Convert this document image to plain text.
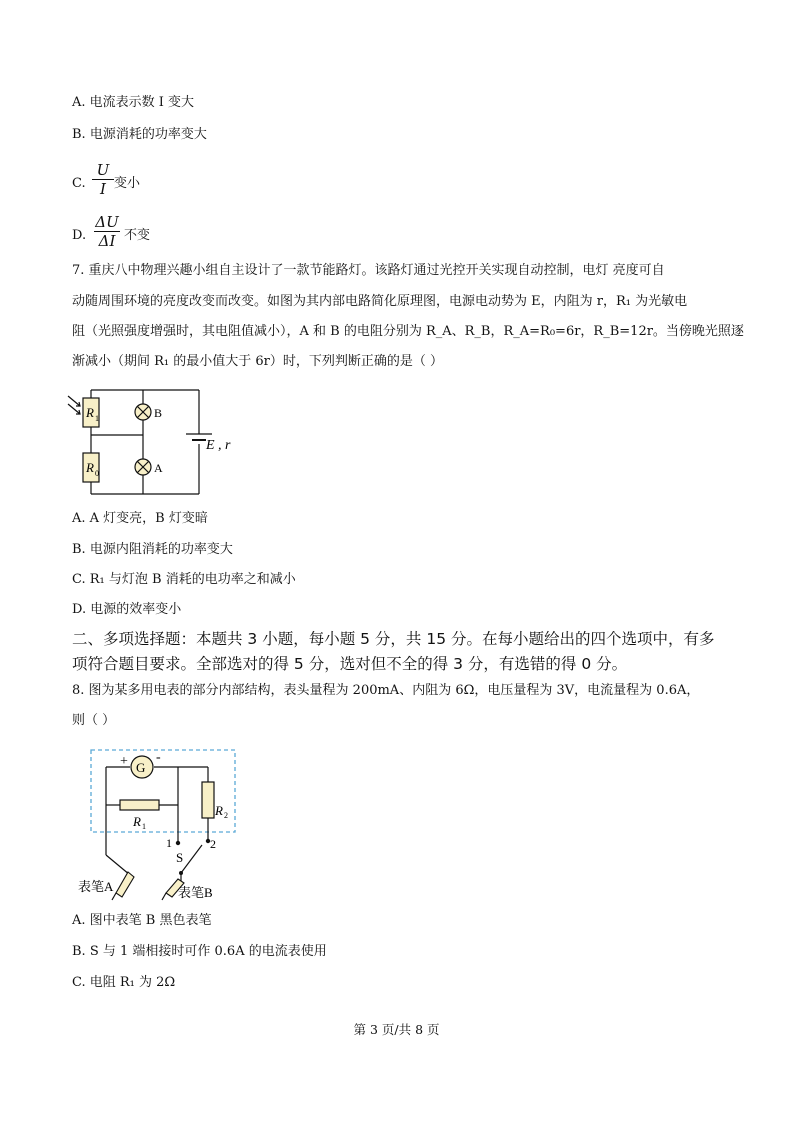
A. 电流表示数 I 变大
B. 电源消耗的功率变大
C.
U
I 变小
D.
ΔU
ΔI 不变
7. 重庆八中物理兴趣小组自主设计了一款节能路灯。该路灯通过光控开关实现自动控制，电灯 亮度可自
动随周围环境的亮度改变而改变。如图为其内部电路简化原理图，电源电动势为 E，内阻为 r，R₁ 为光敏电
阻（光照强度增强时，其电阻值减小），A 和 B 的电阻分别为 R_A、R_B，R_A=R₀=6r，R_B=12r。当傍晚光照逐
渐减小（期间 R₁ 的最小值大于 6r）时，下列判断正确的是（ ）
R 1
R 0
B
A
E , r
A. A 灯变亮，B 灯变暗
B. 电源内阻消耗的功率变大
C. R₁ 与灯泡 B 消耗的电功率之和减小
D. 电源的效率变小
二、多项选择题：本题共 3 小题，每小题 5 分，共 15 分。在每小题给出的四个选项中，有多
项符合题目要求。全部选对的得 5 分，选对但不全的得 3 分，有选错的得 0 分。
8. 图为某多用电表的部分内部结构，表头量程为 200mA、内阻为 6Ω，电压量程为 3V，电流量程为 0.6A，
则（ ）
G
+ -
R 1
R 2
1	2
S
表笔A	表笔B
A. 图中表笔 B 黑色表笔
B. S 与 1 端相接时可作 0.6A 的电流表使用
C. 电阻 R₁ 为 2Ω
第 3 页/共 8 页
